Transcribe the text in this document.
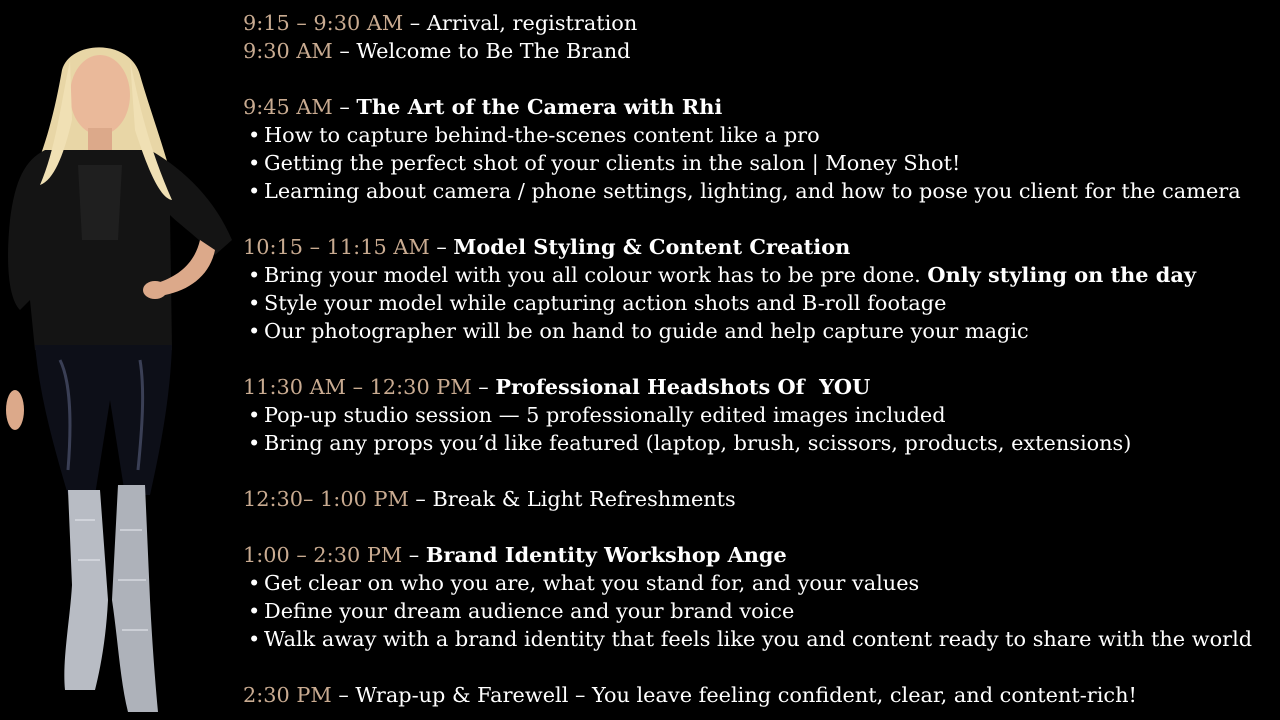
9:15 – 9:30 AM – Arrival, registration
9:30 AM – Welcome to Be The Brand
9:45 AM – The Art of the Camera with Rhi
• How to capture behind-the-scenes content like a pro
• Getting the perfect shot of your clients in the salon | Money Shot!
• Learning about camera / phone settings, lighting, and how to pose you client for the camera
10:15 – 11:15 AM – Model Styling & Content Creation
• Bring your model with you all colour work has to be pre done. Only styling on the day
• Style your model while capturing action shots and B-roll footage
• Our photographer will be on hand to guide and help capture your magic
11:30 AM – 12:30 PM – Professional Headshots Of  YOU
• Pop-up studio session — 5 professionally edited images included
• Bring any props you’d like featured (laptop, brush, scissors, products, extensions)
12:30– 1:00 PM – Break & Light Refreshments
1:00 – 2:30 PM – Brand Identity Workshop Ange
• Get clear on who you are, what you stand for, and your values
• Define your dream audience and your brand voice
• Walk away with a brand identity that feels like you and content ready to share with the world
2:30 PM – Wrap-up & Farewell – You leave feeling confident, clear, and content-rich!
